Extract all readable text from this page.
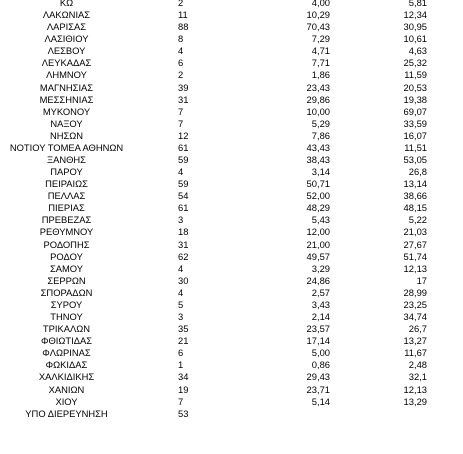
ΚΩ	2	4,00	5,81
ΛΑΚΩΝΙΑΣ	11	10,29	12,34
ΛΑΡΙΣΑΣ	88	70,43	30,95
ΛΑΣΙΘΙΟΥ	8	7,29	10,61
ΛΕΣΒΟΥ	4	4,71	4,63
ΛΕΥΚΑΔΑΣ	6	7,71	25,32
ΛΗΜΝΟΥ	2	1,86	11,59
ΜΑΓΝΗΣΙΑΣ	39	23,43	20,53
ΜΕΣΣΗΝΙΑΣ	31	29,86	19,38
ΜΥΚΟΝΟΥ	7	10,00	69,07
ΝΑΞΟΥ	7	5,29	33,59
ΝΗΣΩΝ	12	7,86	16,07
ΝΟΤΙΟΥ ΤΟΜΕΑ ΑΘΗΝΩΝ	61	43,43	11,51
ΞΑΝΘΗΣ	59	38,43	53,05
ΠΑΡΟΥ	4	3,14	26,8
ΠΕΙΡΑΙΩΣ	59	50,71	13,14
ΠΕΛΛΑΣ	54	52,00	38,66
ΠΙΕΡΙΑΣ	61	48,29	48,15
ΠΡΕΒΕΖΑΣ	3	5,43	5,22
ΡΕΘΥΜΝΟΥ	18	12,00	21,03
ΡΟΔΟΠΗΣ	31	21,00	27,67
ΡΟΔΟΥ	62	49,57	51,74
ΣΑΜΟΥ	4	3,29	12,13
ΣΕΡΡΩΝ	30	24,86	17
ΣΠΟΡΑΔΩΝ	4	2,57	28,99
ΣΥΡΟΥ	5	3,43	23,25
ΤΗΝΟΥ	3	2,14	34,74
ΤΡΙΚΑΛΩΝ	35	23,57	26,7
ΦΘΙΩΤΙΔΑΣ	21	17,14	13,27
ΦΛΩΡΙΝΑΣ	6	5,00	11,67
ΦΩΚΙΔΑΣ	1	0,86	2,48
ΧΑΛΚΙΔΙΚΗΣ	34	29,43	32,1
ΧΑΝΙΩΝ	19	23,71	12,13
ΧΙΟΥ	7	5,14	13,29
ΥΠΟ ΔΙΕΡΕΥΝΗΣΗ	53
